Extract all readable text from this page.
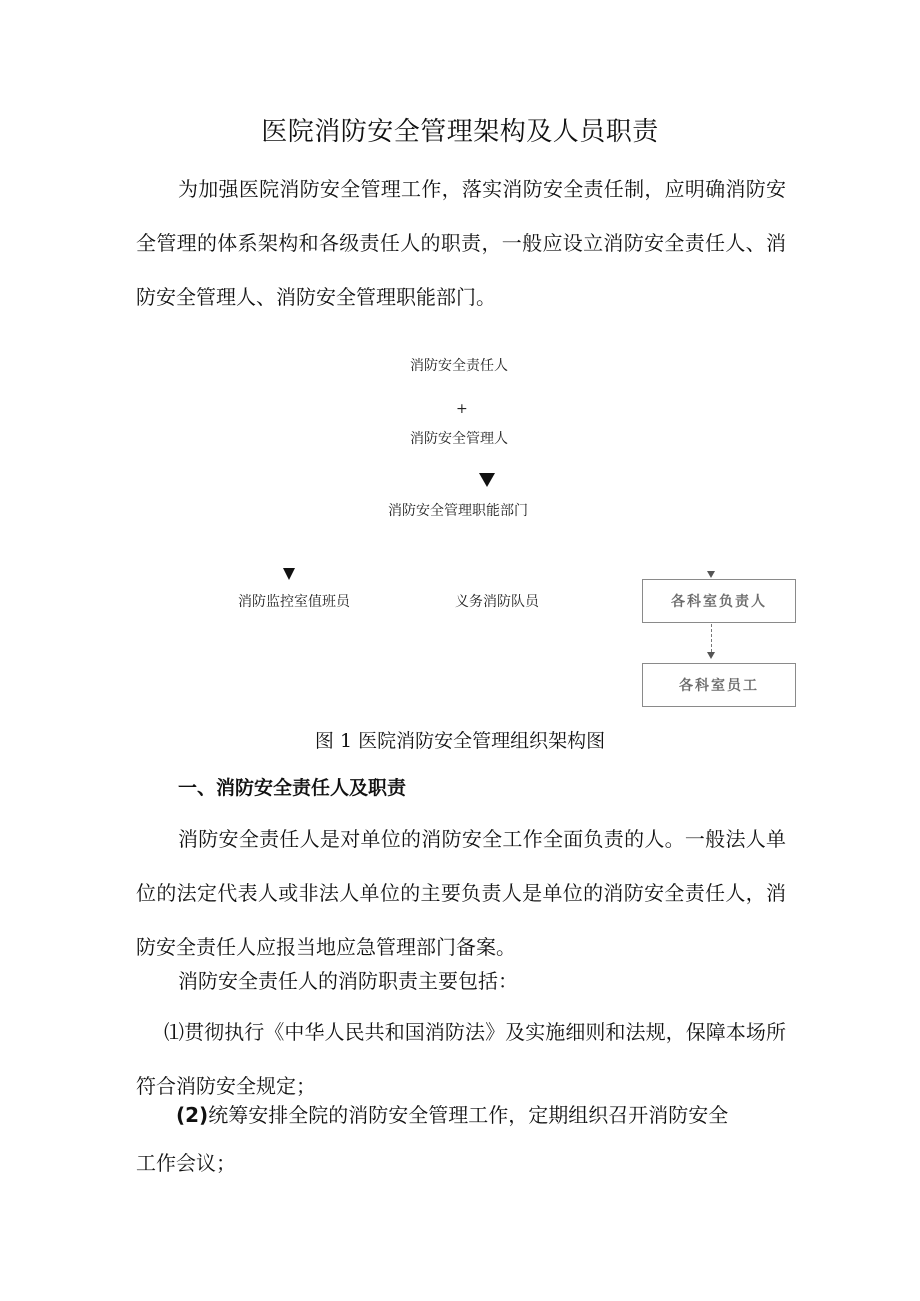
医院消防安全管理架构及人员职责

为加强医院消防安全管理工作，落实消防安全责任制，应明确消防安全管理的体系架构和各级责任人的职责，一般应设立消防安全责任人、消防安全管理人、消防安全管理职能部门。

消防安全责任人
+
消防安全管理人
消防安全管理职能部门
消防监控室值班员	义务消防队员	各科室负责人
各科室员工
图 1 医院消防安全管理组织架构图
一、消防安全责任人及职责

消防安全责任人是对单位的消防安全工作全面负责的人。一般法人单位的法定代表人或非法人单位的主要负责人是单位的消防安全责任人，消防安全责任人应报当地应急管理部门备案。

消防安全责任人的消防职责主要包括：

⑴贯彻执行《中华人民共和国消防法》及实施细则和法规，保障本场所符合消防安全规定；

(2)统筹安排全院的消防安全管理工作，定期组织召开消防安全
工作会议；
